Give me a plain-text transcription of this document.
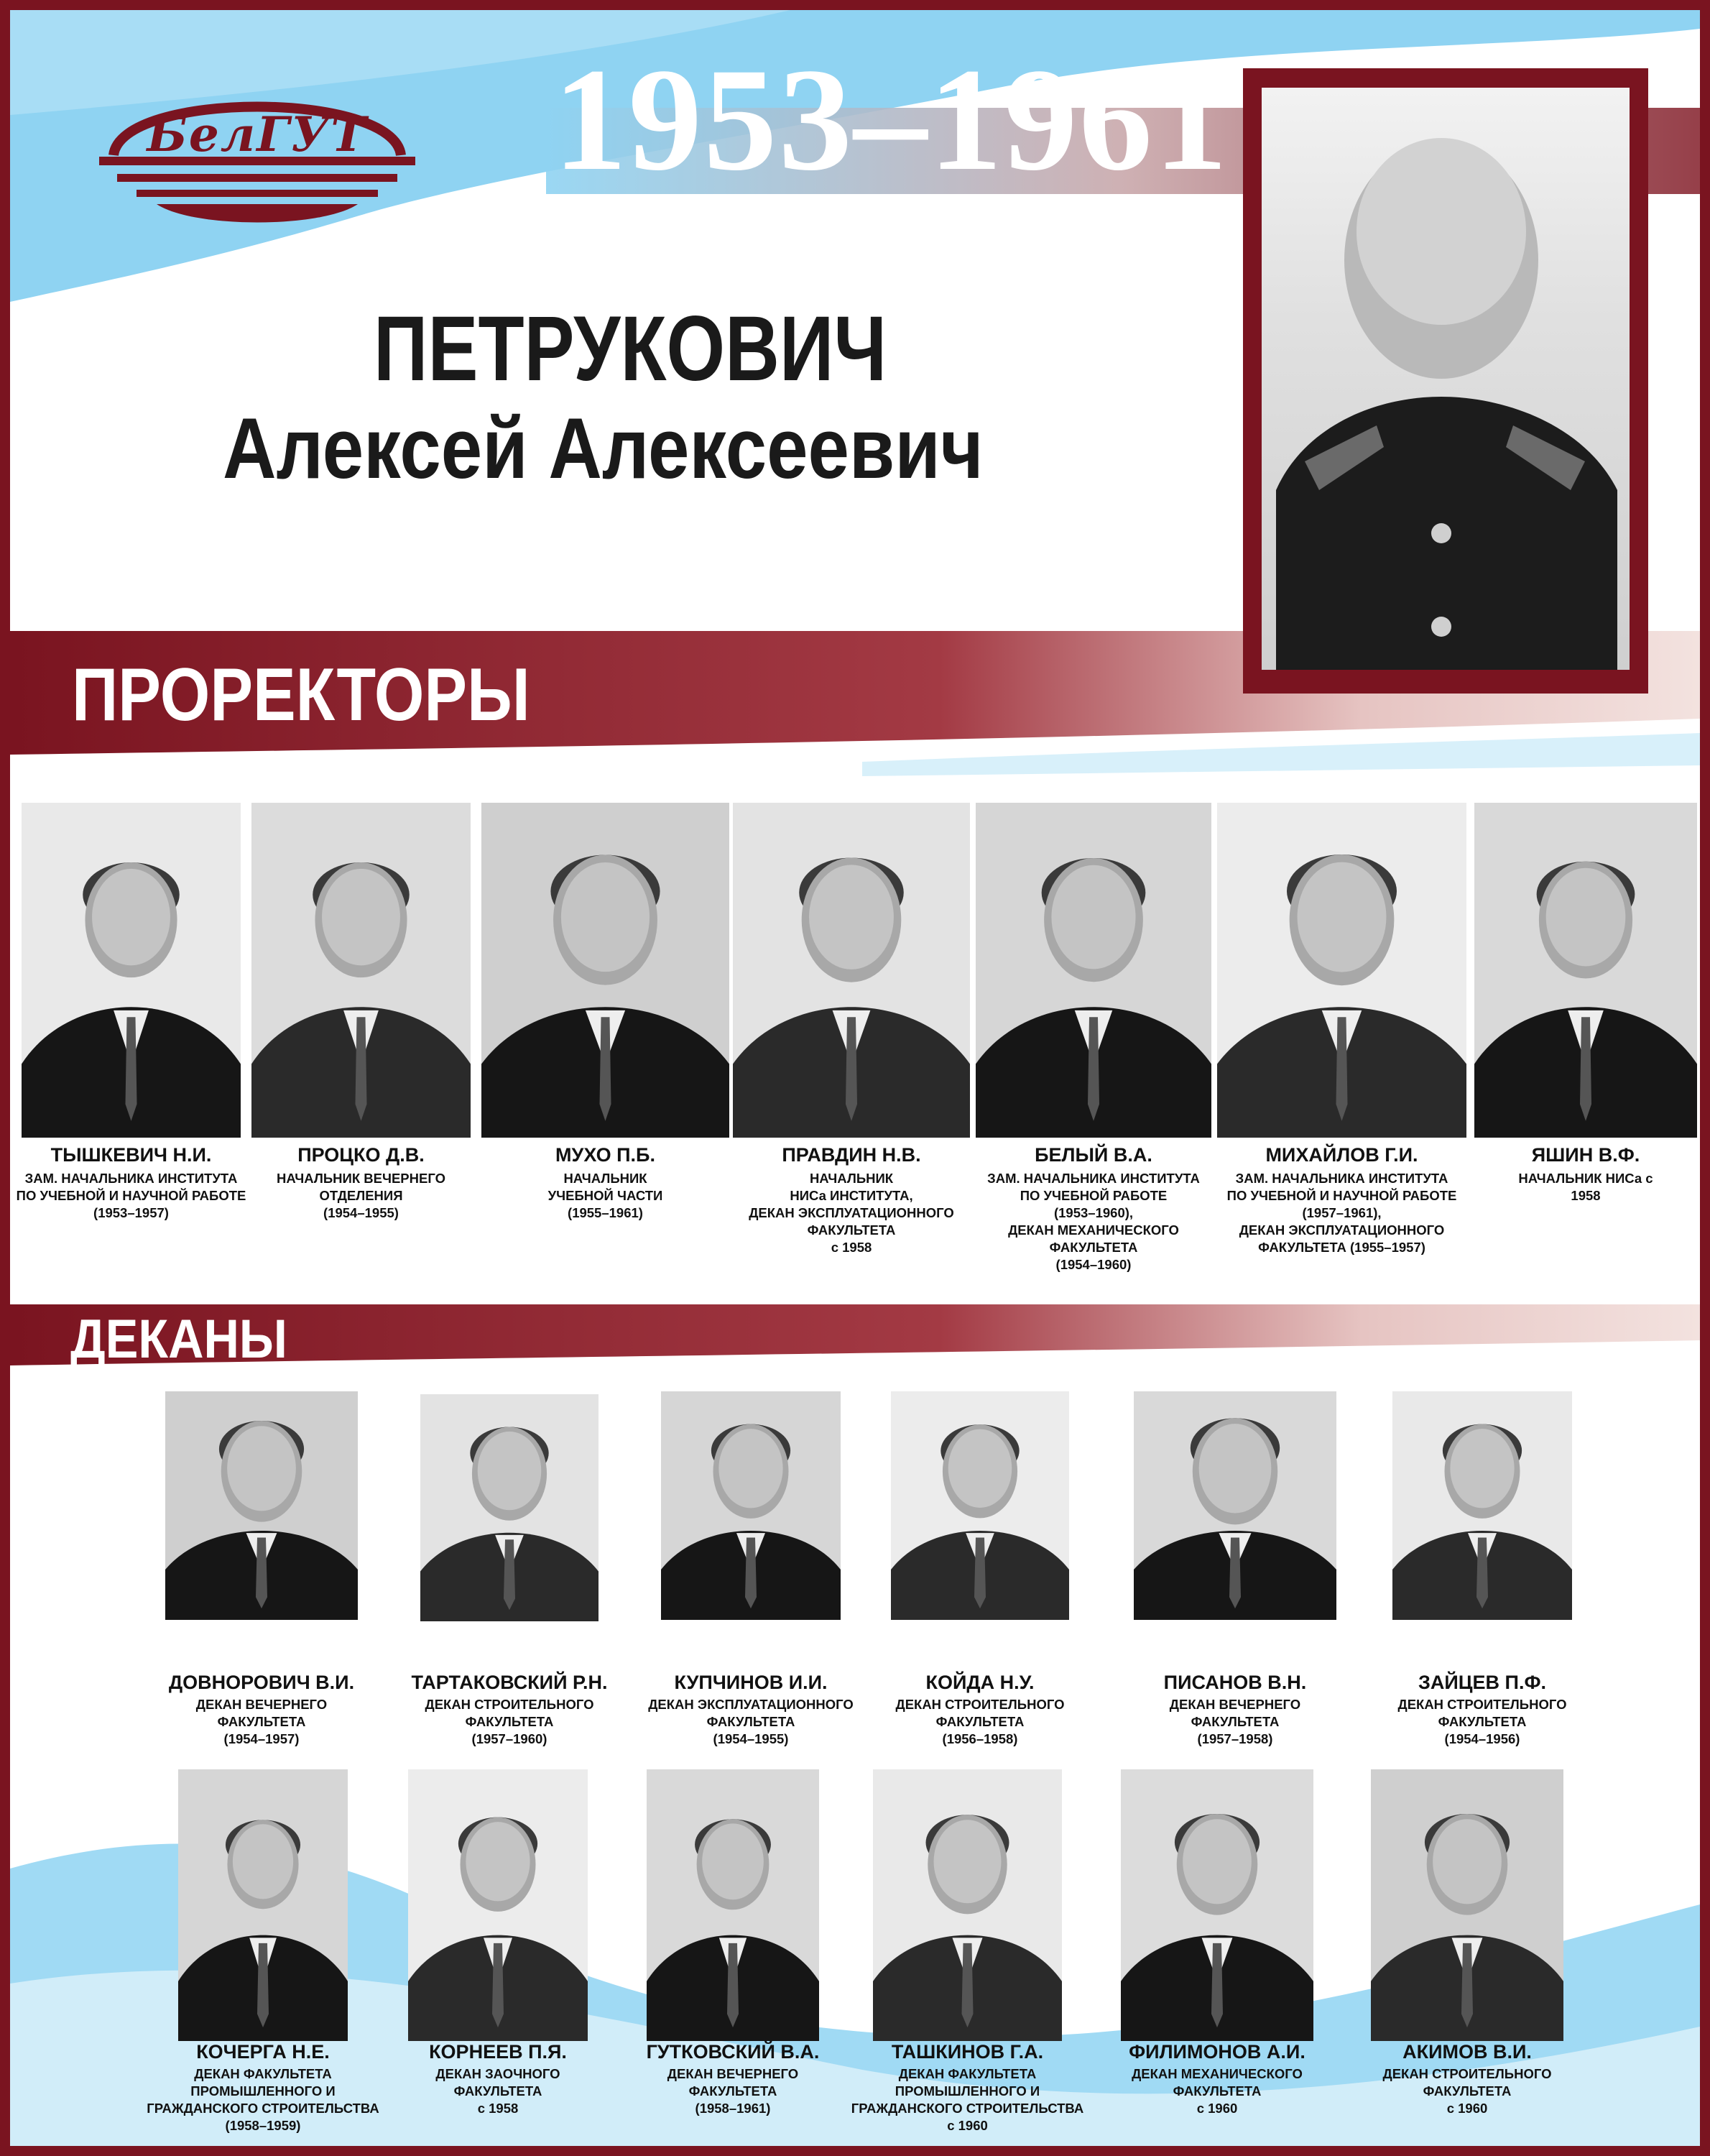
БелГУТ 1953–1961
ПЕТРУКОВИЧ
Алексей Алексеевич
ПРОРЕКТОРЫ
ДЕКАНЫ
ТЫШКЕВИЧ Н.И.
ЗАМ. НАЧАЛЬНИКА ИНСТИТУТА
ПО УЧЕБНОЙ И НАУЧНОЙ РАБОТЕ
(1953–1957)
ПРОЦКО Д.В.
НАЧАЛЬНИК ВЕЧЕРНЕГО
ОТДЕЛЕНИЯ
(1954–1955)
МУХО П.Б.
НАЧАЛЬНИК
УЧЕБНОЙ ЧАСТИ
(1955–1961)
ПРАВДИН Н.В.
НАЧАЛЬНИК
НИСа ИНСТИТУТА,
ДЕКАН ЭКСПЛУАТАЦИОННОГО
ФАКУЛЬТЕТА
с 1958
БЕЛЫЙ В.А.
ЗАМ. НАЧАЛЬНИКА ИНСТИТУТА
ПО УЧЕБНОЙ РАБОТЕ
(1953–1960),
ДЕКАН МЕХАНИЧЕСКОГО
ФАКУЛЬТЕТА
(1954–1960)
МИХАЙЛОВ Г.И.
ЗАМ. НАЧАЛЬНИКА ИНСТИТУТА
ПО УЧЕБНОЙ И НАУЧНОЙ РАБОТЕ
(1957–1961),
ДЕКАН ЭКСПЛУАТАЦИОННОГО
ФАКУЛЬТЕТА (1955–1957)
ЯШИН В.Ф.
НАЧАЛЬНИК НИСа с
1958
ДОВНОРОВИЧ В.И.
ДЕКАН ВЕЧЕРНЕГО
ФАКУЛЬТЕТА
(1954–1957)
ТАРТАКОВСКИЙ Р.Н.
ДЕКАН СТРОИТЕЛЬНОГО
ФАКУЛЬТЕТА
(1957–1960)
КУПЧИНОВ И.И.
ДЕКАН ЭКСПЛУАТАЦИОННОГО
ФАКУЛЬТЕТА
(1954–1955)
КОЙДА Н.У.
ДЕКАН СТРОИТЕЛЬНОГО
ФАКУЛЬТЕТА
(1956–1958)
ПИСАНОВ В.Н.
ДЕКАН ВЕЧЕРНЕГО
ФАКУЛЬТЕТА
(1957–1958)
ЗАЙЦЕВ П.Ф.
ДЕКАН СТРОИТЕЛЬНОГО
ФАКУЛЬТЕТА
(1954–1956)
КОЧЕРГА Н.Е.
ДЕКАН ФАКУЛЬТЕТА
ПРОМЫШЛЕННОГО И
ГРАЖДАНСКОГО СТРОИТЕЛЬСТВА
(1958–1959)
КОРНЕЕВ П.Я.
ДЕКАН ЗАОЧНОГО
ФАКУЛЬТЕТА
с 1958
ГУТКОВСКИЙ В.А.
ДЕКАН ВЕЧЕРНЕГО
ФАКУЛЬТЕТА
(1958–1961)
ТАШКИНОВ Г.А.
ДЕКАН ФАКУЛЬТЕТА
ПРОМЫШЛЕННОГО И
ГРАЖДАНСКОГО СТРОИТЕЛЬСТВА
с 1960
ФИЛИМОНОВ А.И.
ДЕКАН МЕХАНИЧЕСКОГО
ФАКУЛЬТЕТА
с 1960
АКИМОВ В.И.
ДЕКАН СТРОИТЕЛЬНОГО
ФАКУЛЬТЕТА
с 1960
